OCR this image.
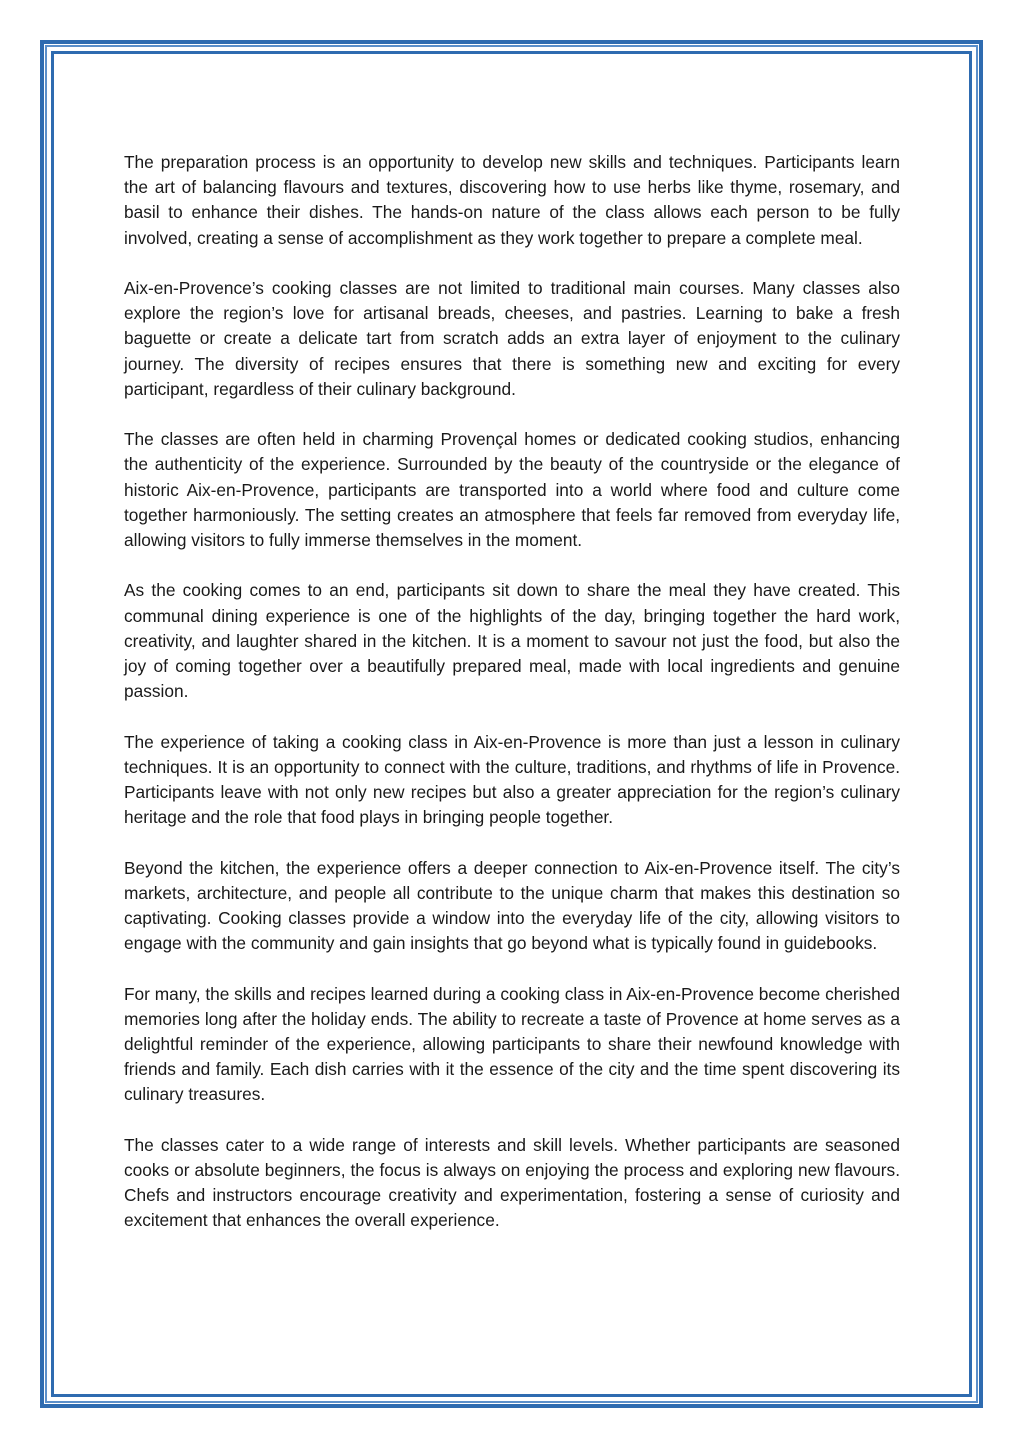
The preparation process is an opportunity to develop new skills and techniques. Participants learn the art of balancing flavours and textures, discovering how to use herbs like thyme, rosemary, and basil to enhance their dishes. The hands-on nature of the class allows each person to be fully involved, creating a sense of accomplishment as they work together to prepare a complete meal.

Aix-en-Provence’s cooking classes are not limited to traditional main courses. Many classes also explore the region’s love for artisanal breads, cheeses, and pastries. Learning to bake a fresh baguette or create a delicate tart from scratch adds an extra layer of enjoyment to the culinary journey. The diversity of recipes ensures that there is something new and exciting for every participant, regardless of their culinary background.

The classes are often held in charming Provençal homes or dedicated cooking studios, enhancing the authenticity of the experience. Surrounded by the beauty of the countryside or the elegance of historic Aix-en-Provence, participants are transported into a world where food and culture come together harmoniously. The setting creates an atmosphere that feels far removed from everyday life, allowing visitors to fully immerse themselves in the moment.

As the cooking comes to an end, participants sit down to share the meal they have created. This communal dining experience is one of the highlights of the day, bringing together the hard work, creativity, and laughter shared in the kitchen. It is a moment to savour not just the food, but also the joy of coming together over a beautifully prepared meal, made with local ingredients and genuine passion.

The experience of taking a cooking class in Aix-en-Provence is more than just a lesson in culinary techniques. It is an opportunity to connect with the culture, traditions, and rhythms of life in Provence. Participants leave with not only new recipes but also a greater appreciation for the region’s culinary heritage and the role that food plays in bringing people together.

Beyond the kitchen, the experience offers a deeper connection to Aix-en-Provence itself. The city’s markets, architecture, and people all contribute to the unique charm that makes this destination so captivating. Cooking classes provide a window into the everyday life of the city, allowing visitors to engage with the community and gain insights that go beyond what is typically found in guidebooks.

For many, the skills and recipes learned during a cooking class in Aix-en-Provence become cherished memories long after the holiday ends. The ability to recreate a taste of Provence at home serves as a delightful reminder of the experience, allowing participants to share their newfound knowledge with friends and family. Each dish carries with it the essence of the city and the time spent discovering its culinary treasures.

The classes cater to a wide range of interests and skill levels. Whether participants are seasoned cooks or absolute beginners, the focus is always on enjoying the process and exploring new flavours. Chefs and instructors encourage creativity and experimentation, fostering a sense of curiosity and excitement that enhances the overall experience.
